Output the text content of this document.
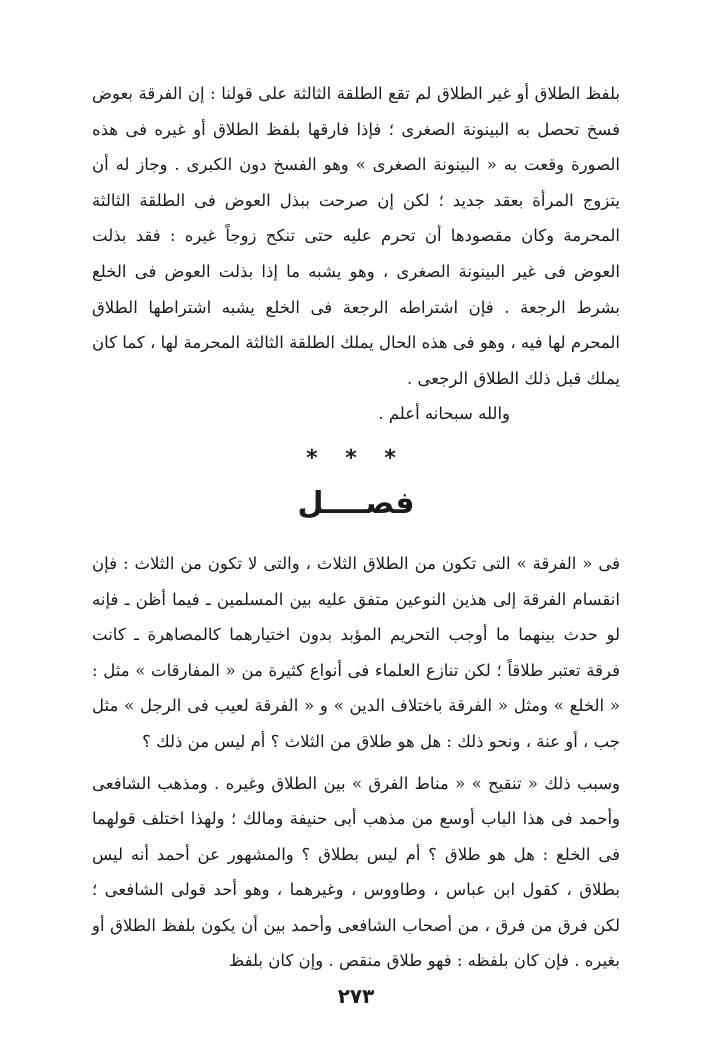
بلفظ الطلاق أو غير الطلاق لم تقع الطلقة الثالثة على قولنا : إن الفرقة بعوض فسخ تحصل به البينونة الصغرى ؛ فإذا فارقها بلفظ الطلاق أو غيره فى هذه الصورة وقعت به « البينونة الصغرى » وهو الفسخ دون الكبرى . وجاز له أن يتزوج المرأة بعقد جديد ؛ لكن إن صرحت ببذل العوض فى الطلقة الثالثة المحرمة وكان مقصودها أن تحرم عليه حتى تنكح زوجاً غيره : فقد بذلت العوض فى غير البينونة الصغرى ، وهو يشبه ما إذا بذلت العوض فى الخلع بشرط الرجعة . فإن اشتراطه الرجعة فى الخلع يشبه اشتراطها الطلاق المحرم لها فيه ، وهو فى هذه الحال يملك الطلقة الثالثة المحرمة لها ، كما كان يملك قبل ذلك الطلاق الرجعى .

والله سبحانه أعلم .

* * *
فصــــل

فى « الفرقة » التى تكون من الطلاق الثلاث ، والتى لا تكون من الثلاث : فإن انقسام الفرقة إلى هذين النوعين متفق عليه بين المسلمين ـ فيما أظن ـ فإنه لو حدث بينهما ما أوجب التحريم المؤبد بدون اختيارهما كالمصاهرة ـ كانت فرقة تعتبر طلاقاً ؛ لكن تنازع العلماء فى أنواع كثيرة من « المفارقات » مثل : « الخلع » ومثل « الفرقة باختلاف الدين » و « الفرقة لعيب فى الرجل » مثل جب ، أو عنة ، ونحو ذلك : هل هو طلاق من الثلاث ؟ أم ليس من ذلك ؟

وسبب ذلك « تنقيح » « مناط الفرق » بين الطلاق وغيره . ومذهب الشافعى وأحمد فى هذا الباب أوسع من مذهب أبى حنيفة ومالك ؛ ولهذا اختلف قولهما فى الخلع : هل هو طلاق ؟ أم ليس بطلاق ؟ والمشهور عن أحمد أنه ليس بطلاق ، كقول ابن عباس ، وطاووس ، وغيرهما ، وهو أحد قولى الشافعى ؛ لكن فرق من فرق ، من أصحاب الشافعى وأحمد بين أن يكون بلفظ الطلاق أو بغيره . فإن كان بلفظه : فهو طلاق منقص . وإن كان بلفظ

٢٧٣
